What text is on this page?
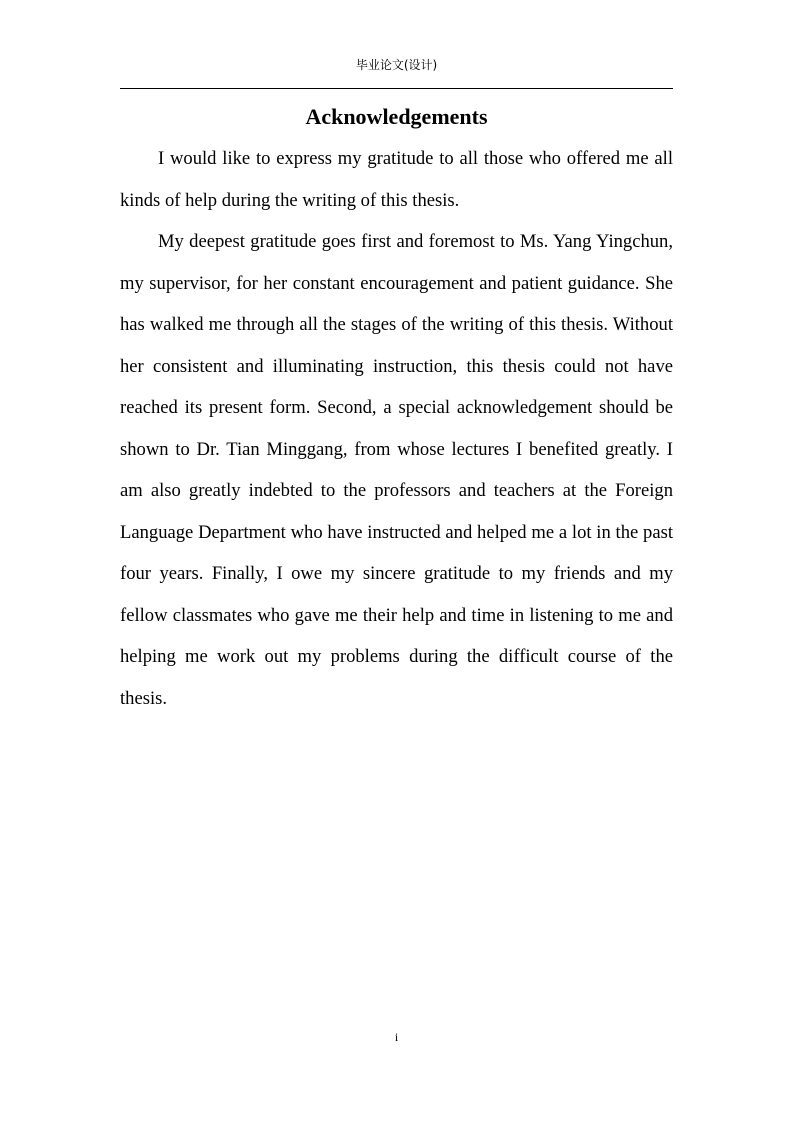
毕业论文(设计)
Acknowledgements

I would like to express my gratitude to all those who offered me all kinds of help during the writing of this thesis.

My deepest gratitude goes first and foremost to Ms. Yang Yingchun, my supervisor, for her constant encouragement and patient guidance. She has walked me through all the stages of the writing of this thesis. Without her consistent and illuminating instruction, this thesis could not have reached its present form. Second, a special acknowledgement should be shown to Dr. Tian Minggang, from whose lectures I benefited greatly. I am also greatly indebted to the professors and teachers at the Foreign Language Department who have instructed and helped me a lot in the past four years. Finally, I owe my sincere gratitude to my friends and my fellow classmates who gave me their help and time in listening to me and helping me work out my problems during the difficult course of the thesis.

i
